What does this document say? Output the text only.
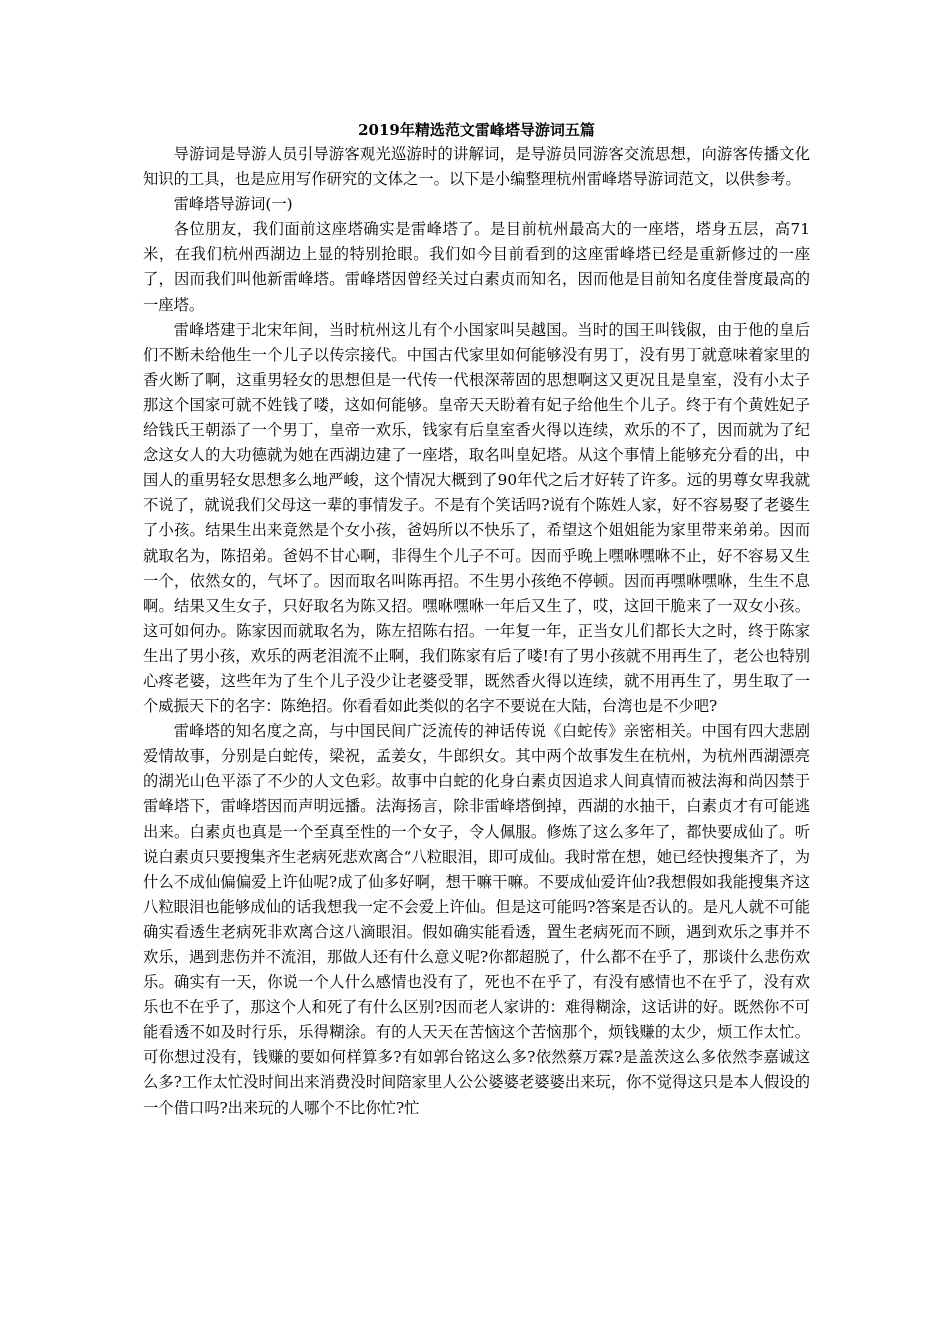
2019年精选范文雷峰塔导游词五篇

导游词是导游人员引导游客观光巡游时的讲解词，是导游员同游客交流思想，向游客传播文化知识的工具，也是应用写作研究的文体之一。以下是小编整理杭州雷峰塔导游词范文，以供参考。

雷峰塔导游词(一)

各位朋友，我们面前这座塔确实是雷峰塔了。是目前杭州最高大的一座塔，塔身五层，高71米，在我们杭州西湖边上显的特别抢眼。我们如今目前看到的这座雷峰塔已经是重新修过的一座了，因而我们叫他新雷峰塔。雷峰塔因曾经关过白素贞而知名，因而他是目前知名度佳誉度最高的一座塔。

雷峰塔建于北宋年间，当时杭州这儿有个小国家叫吴越国。当时的国王叫钱俶，由于他的皇后们不断未给他生一个儿子以传宗接代。中国古代家里如何能够没有男丁，没有男丁就意味着家里的香火断了啊，这重男轻女的思想但是一代传一代根深蒂固的思想啊这又更况且是皇室，没有小太子那这个国家可就不姓钱了喽，这如何能够。皇帝天天盼着有妃子给他生个儿子。终于有个黄姓妃子给钱氏王朝添了一个男丁，皇帝一欢乐，钱家有后皇室香火得以连续，欢乐的不了，因而就为了纪念这女人的大功德就为她在西湖边建了一座塔，取名叫皇妃塔。从这个事情上能够充分看的出，中国人的重男轻女思想多么地严峻，这个情况大概到了90年代之后才好转了许多。远的男尊女卑我就不说了，就说我们父母这一辈的事情发子。不是有个笑话吗?说有个陈姓人家，好不容易娶了老婆生了小孩。结果生出来竟然是个女小孩，爸妈所以不快乐了，希望这个姐姐能为家里带来弟弟。因而就取名为，陈招弟。爸妈不甘心啊，非得生个儿子不可。因而乎晚上嘿咻嘿咻不止，好不容易又生一个，依然女的，气坏了。因而取名叫陈再招。不生男小孩绝不停顿。因而再嘿咻嘿咻，生生不息啊。结果又生女子，只好取名为陈又招。嘿咻嘿咻一年后又生了，哎，这回干脆来了一双女小孩。这可如何办。陈家因而就取名为，陈左招陈右招。一年复一年，正当女儿们都长大之时，终于陈家生出了男小孩，欢乐的两老泪流不止啊，我们陈家有后了喽!有了男小孩就不用再生了，老公也特别心疼老婆，这些年为了生个儿子没少让老婆受罪，既然香火得以连续，就不用再生了，男生取了一个威振天下的名字：陈绝招。你看看如此类似的名字不要说在大陆，台湾也是不少吧?

雷峰塔的知名度之高，与中国民间广泛流传的神话传说《白蛇传》亲密相关。中国有四大悲剧爱情故事，分别是白蛇传，梁祝，孟姜女，牛郎织女。其中两个故事发生在杭州，为杭州西湖漂亮的湖光山色平添了不少的人文色彩。故事中白蛇的化身白素贞因追求人间真情而被法海和尚囚禁于雷峰塔下，雷峰塔因而声明远播。法海扬言，除非雷峰塔倒掉，西湖的水抽干，白素贞才有可能逃出来。白素贞也真是一个至真至性的一个女子，令人佩服。修炼了这么多年了，都快要成仙了。听说白素贞只要搜集齐生老病死悲欢离合“八粒眼泪，即可成仙。我时常在想，她已经快搜集齐了，为什么不成仙偏偏爱上许仙呢?成了仙多好啊，想干嘛干嘛。不要成仙爱许仙?我想假如我能搜集齐这八粒眼泪也能够成仙的话我想我一定不会爱上许仙。但是这可能吗?答案是否认的。是凡人就不可能确实看透生老病死非欢离合这八滴眼泪。假如确实能看透，置生老病死而不顾，遇到欢乐之事并不欢乐，遇到悲伤并不流泪，那做人还有什么意义呢?你都超脱了，什么都不在乎了，那谈什么悲伤欢乐。确实有一天，你说一个人什么感情也没有了，死也不在乎了，有没有感情也不在乎了，没有欢乐也不在乎了，那这个人和死了有什么区别?因而老人家讲的：难得糊涂，这话讲的好。既然你不可能看透不如及时行乐，乐得糊涂。有的人天天在苦恼这个苦恼那个，烦钱赚的太少，烦工作太忙。可你想过没有，钱赚的要如何样算多?有如郭台铭这么多?依然蔡万霖?是盖茨这么多依然李嘉诚这么多?工作太忙没时间出来消费没时间陪家里人公公婆婆老婆婆出来玩，你不觉得这只是本人假设的一个借口吗?出来玩的人哪个不比你忙?忙
